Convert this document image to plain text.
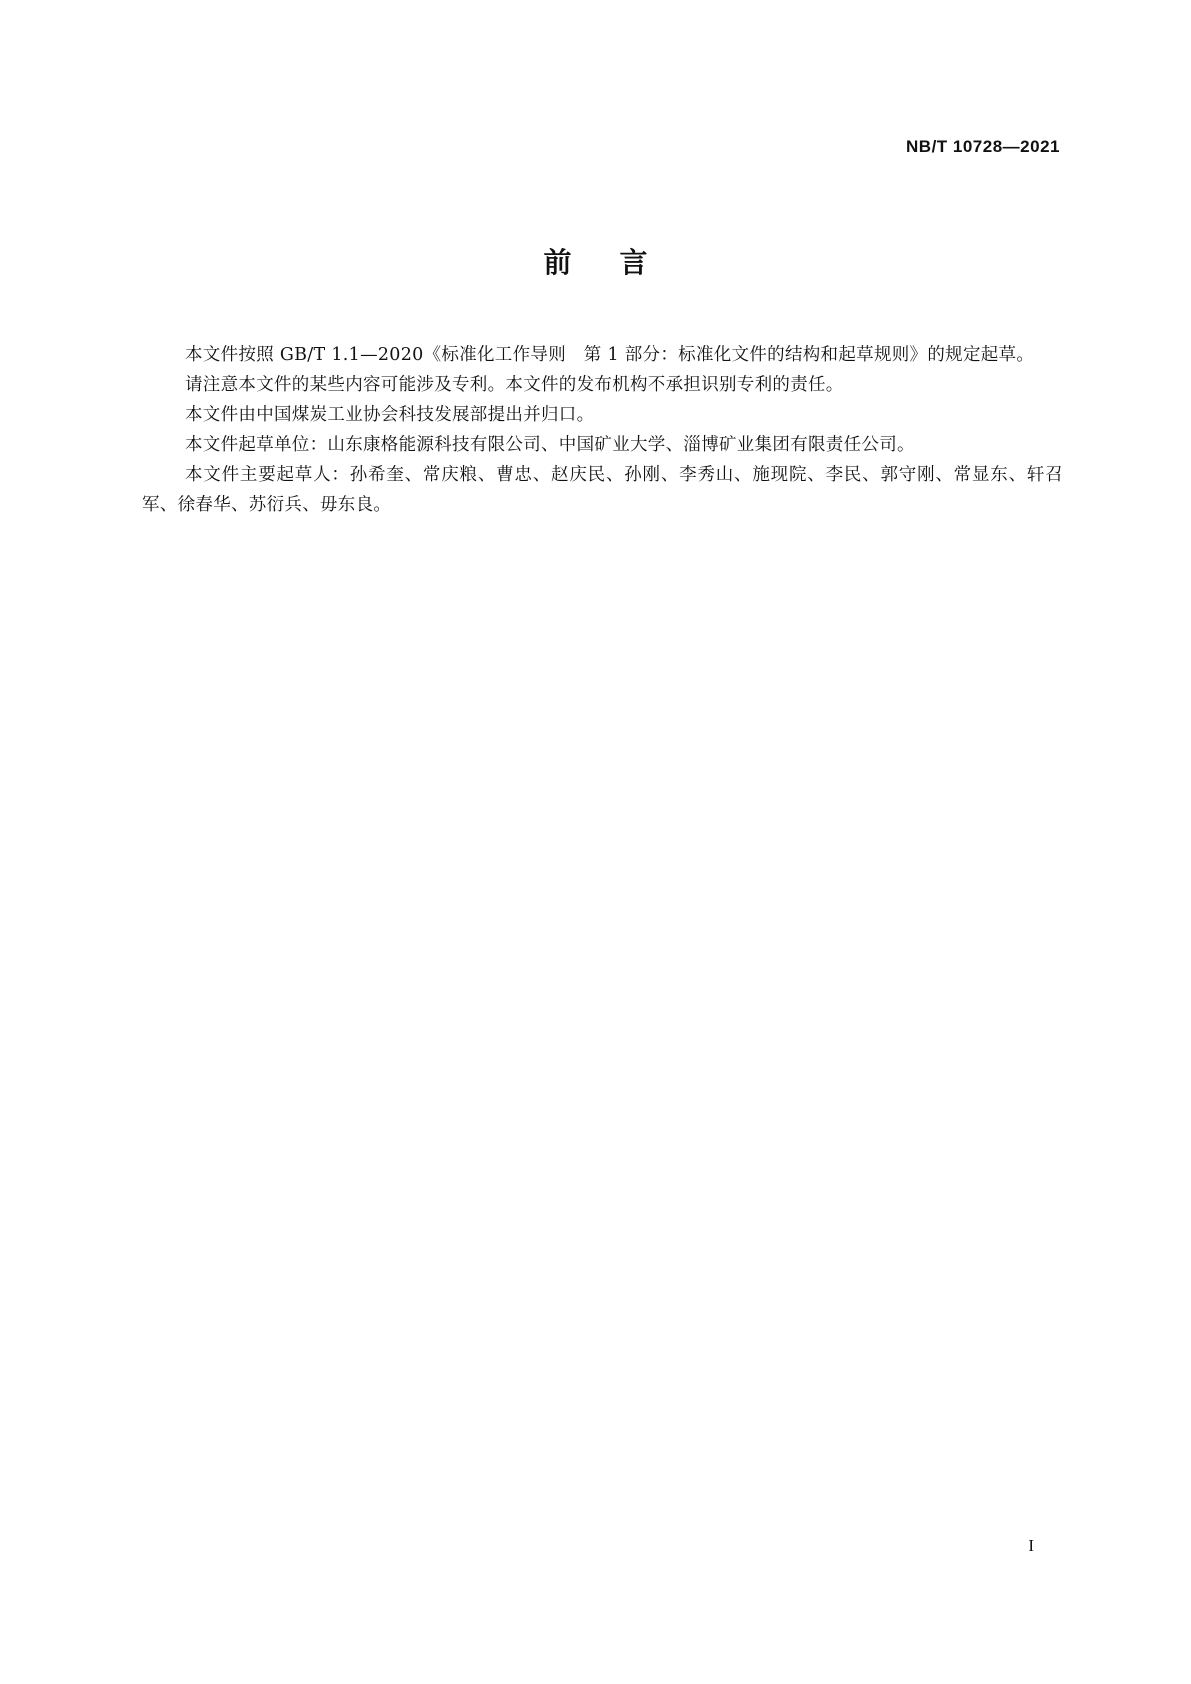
NB/T 10728—2021
前言

本文件按照 GB/T 1.1—2020《标准化工作导则　第 1 部分：标准化文件的结构和起草规则》的规定起草。

请注意本文件的某些内容可能涉及专利。本文件的发布机构不承担识别专利的责任。

本文件由中国煤炭工业协会科技发展部提出并归口。

本文件起草单位：山东康格能源科技有限公司、中国矿业大学、淄博矿业集团有限责任公司。

本文件主要起草人：孙希奎、常庆粮、曹忠、赵庆民、孙刚、李秀山、施现院、李民、郭守刚、常显东、轩召军、徐春华、苏衍兵、毋东良。

I
